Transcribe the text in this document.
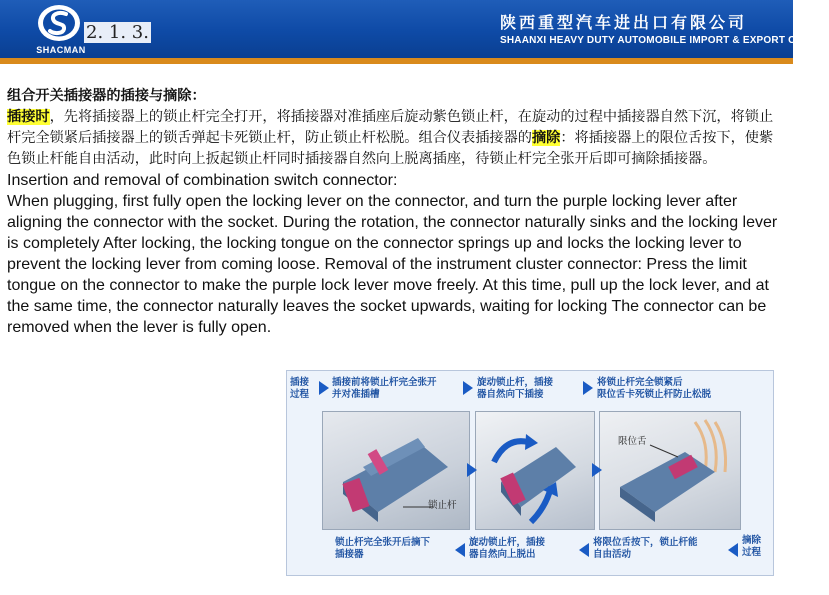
SHACMAN
2. 1. 3.	陕西重型汽车进出口有限公司
SHAANXI HEAVY DUTY AUTOMOBILE IMPORT & EXPORT CO.,LTD

组合开关插接器的插接与摘除：

插接时，先将插接器上的锁止杆完全打开，将插接器对准插座后旋动紫色锁止杆，在旋动的过程中插接器自然下沉，将锁止杆完全锁紧后插接器上的锁舌弹起卡死锁止杆，防止锁止杆松脱。组合仪表插接器的摘除：将插接器上的限位舌按下，使紫色锁止杆能自由活动，此时向上扳起锁止杆同时插接器自然向上脱离插座，待锁止杆完全张开后即可摘除插接器。

Insertion and removal of combination switch connector:

When plugging, first fully open the locking lever on the connector, and turn the purple locking lever after aligning the connector with the socket. During the rotation, the connector naturally sinks and the locking lever is completely After locking, the locking tongue on the connector springs up and locks the locking lever to prevent the locking lever from coming loose. Removal of the instrument cluster connector: Press the limit tongue on the connector to make the purple lock lever move freely. At this time, pull up the lock lever, and at the same time, the connector naturally leaves the socket upwards, waiting for locking The connector can be removed when the lever is fully open.

插接
过程
插接前将锁止杆完全张开
并对准插槽
旋动锁止杆，插接
器自然向下插接
将锁止杆完全锁紧后
限位舌卡死锁止杆防止松脱
锁止杆
限位舌
锁止杆完全张开后摘下
插接器
旋动锁止杆，插接
器自然向上脱出
将限位舌按下，锁止杆能
自由活动
摘除
过程
